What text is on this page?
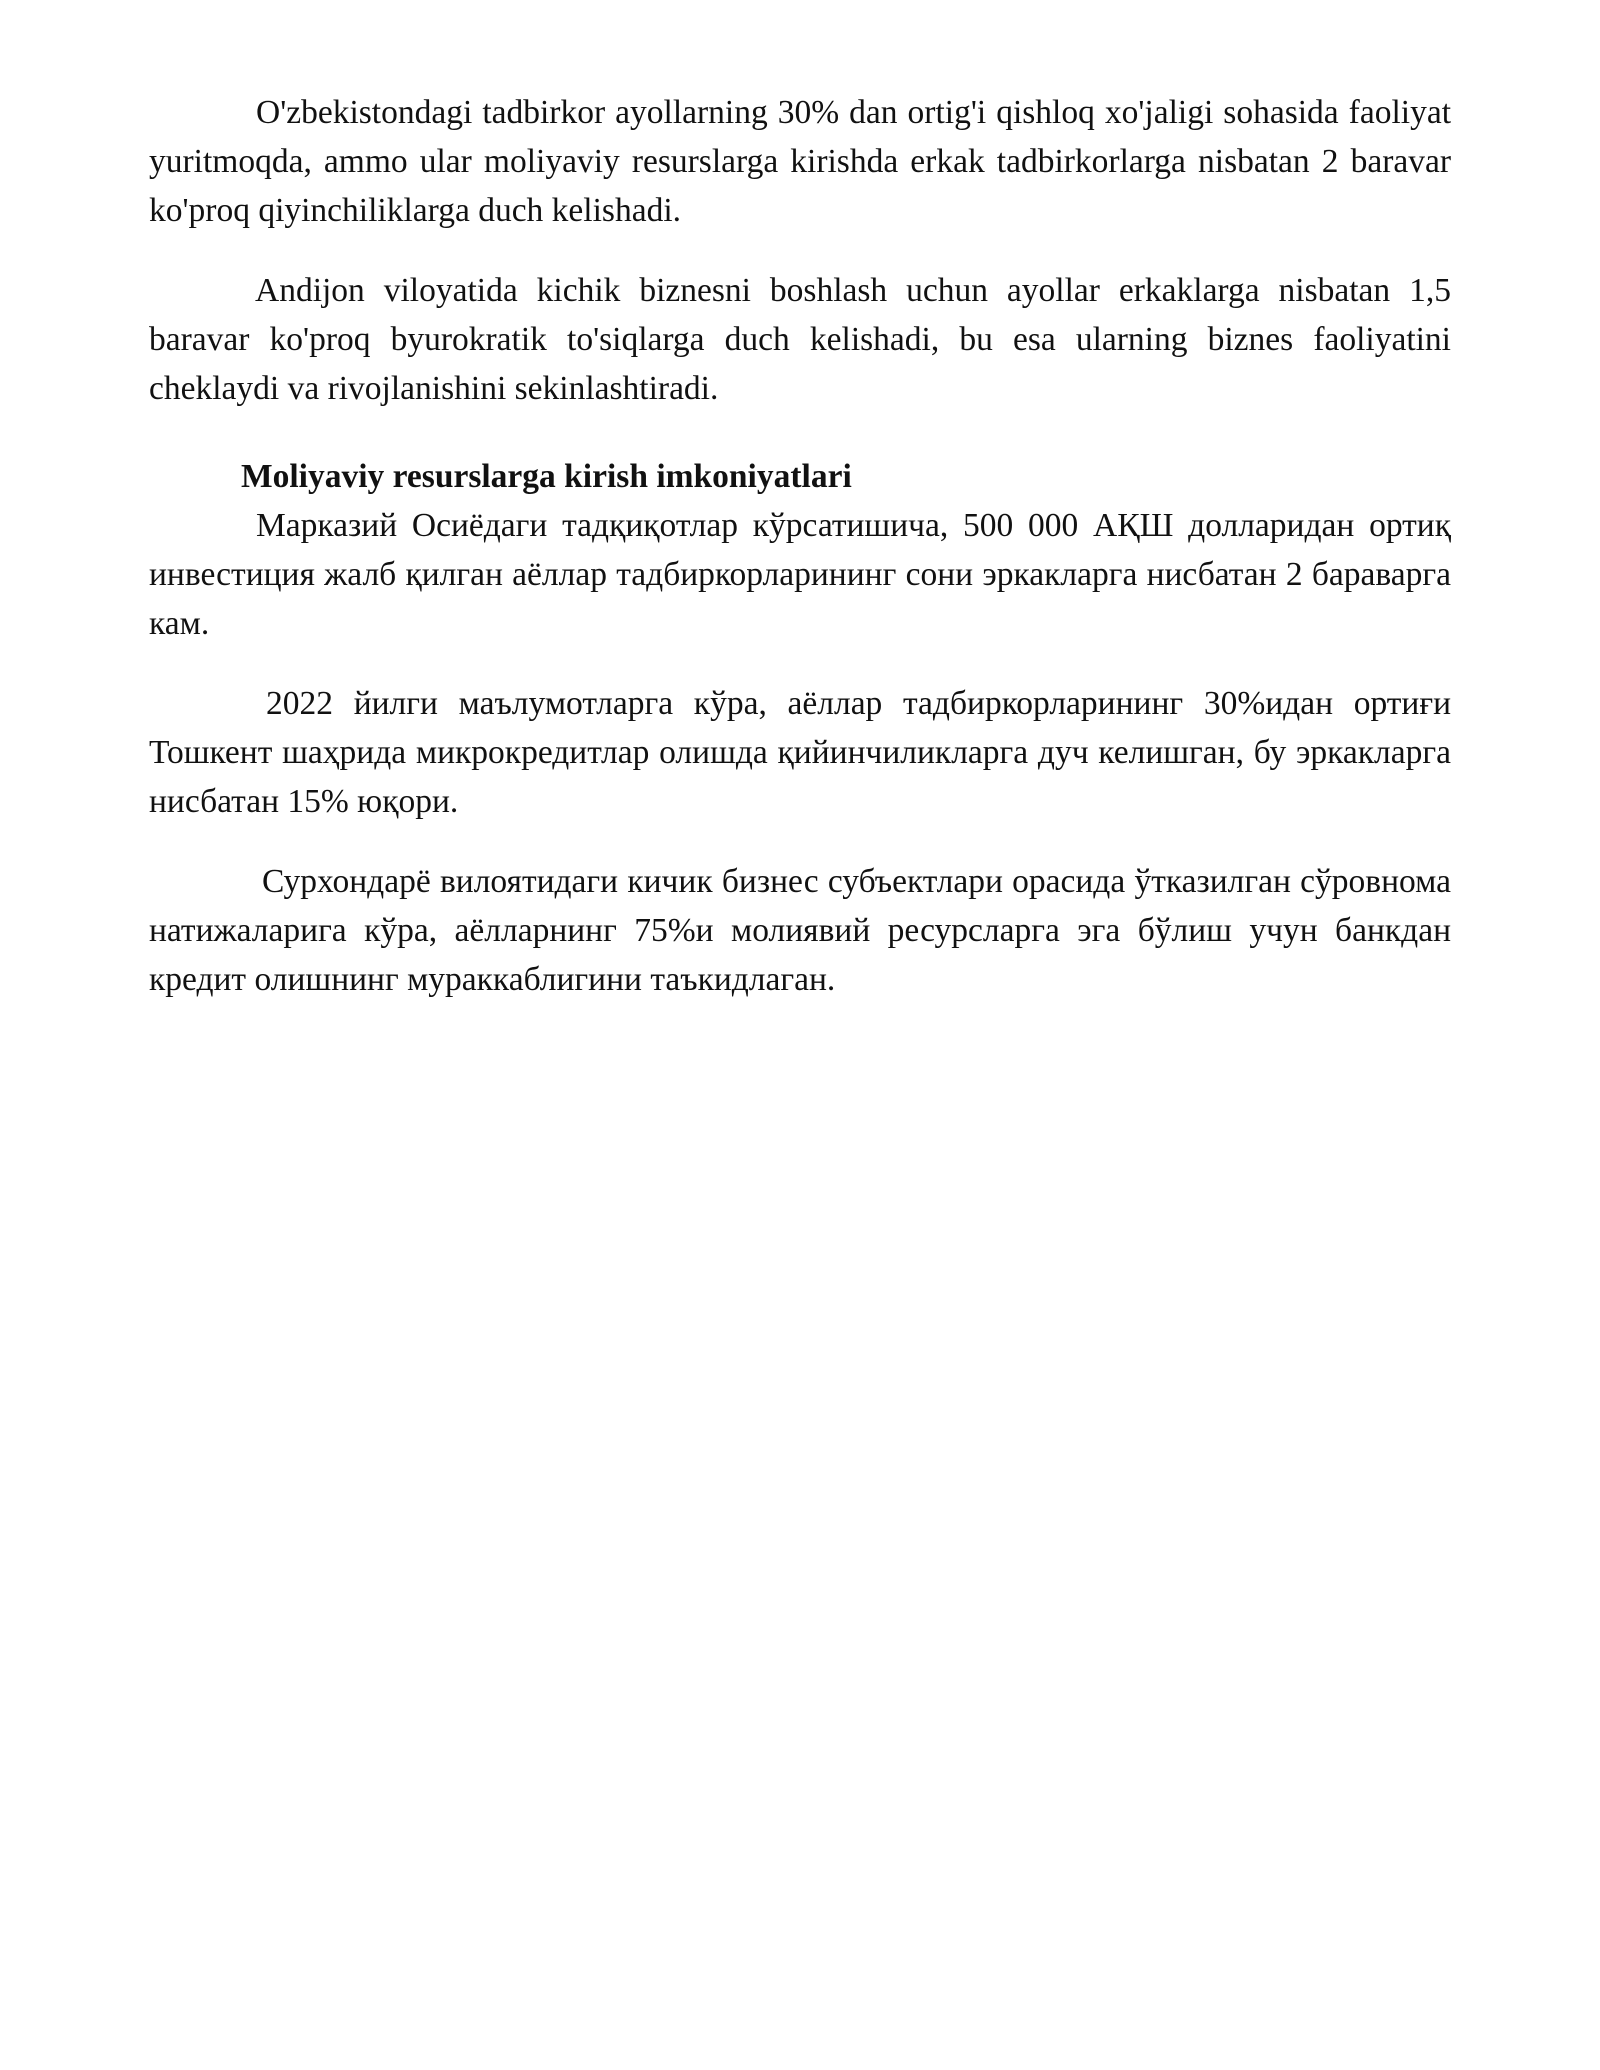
O'zbekistondagi tadbirkor ayollarning 30% dan ortig'i qishloq xo'jaligi sohasida faoliyat yuritmoqda, ammo ular moliyaviy resurslarga kirishda erkak tadbirkorlarga nisbatan 2 baravar ko'proq qiyinchiliklarga duch kelishadi.

Andijon viloyatida kichik biznesni boshlash uchun ayollar erkaklarga nisbatan 1,5 baravar ko'proq byurokratik to'siqlarga duch kelishadi, bu esa ularning biznes faoliyatini cheklaydi va rivojlanishini sekinlashtiradi.

Moliyaviy resurslarga kirish imkoniyatlari

Марказий Осиёдаги тадқиқотлар кўрсатишича, 500 000 АҚШ долларидан ортиқ инвестиция жалб қилган аёллар тадбиркорларининг сони эркакларга нисбатан 2 бараварга кам.

2022 йилги маълумотларга кўра, аёллар тадбиркорларининг 30%идан ортиғи Тошкент шаҳрида микрокредитлар олишда қийинчиликларга дуч келишган, бу эркакларга нисбатан 15% юқори.

Сурхондарё вилоятидаги кичик бизнес субъектлари орасида ўтказилган сўровнома натижаларига кўра, аёлларнинг 75%и молиявий ресурсларга эга бўлиш учун банкдан кредит олишнинг мураккаблигини таъкидлаган.
